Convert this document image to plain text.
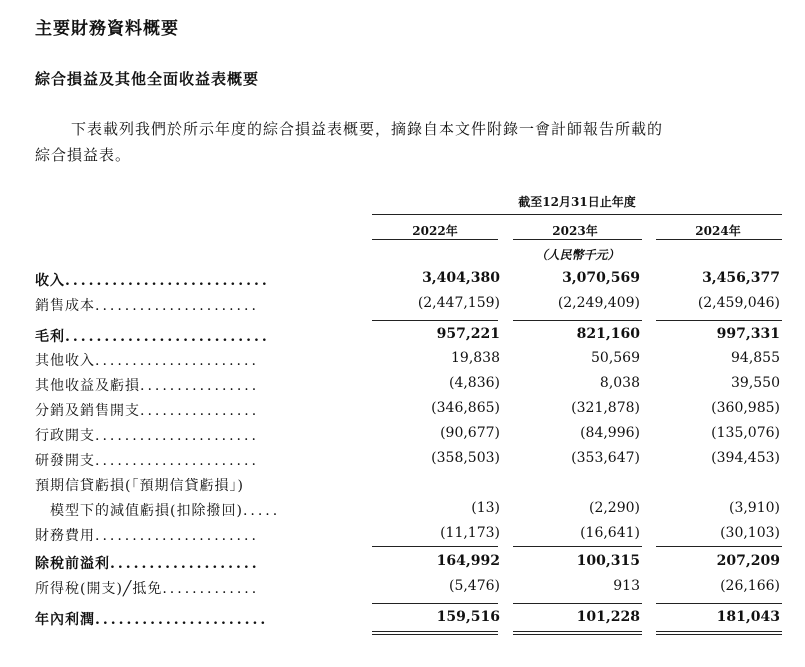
主要財務資料概要
綜合損益及其他全面收益表概要
下表載列我們於所示年度的綜合損益表概要，摘錄自本文件附錄一會計師報告所載的
綜合損益表。
截至12月31日止年度
2022年	2023年	2024年
（人民幣千元）
收入..........................	3,404,380	3,070,569	3,456,377
銷售成本......................	(2,447,159)	(2,249,409)	(2,459,046)
毛利..........................	957,221	821,160	997,331
其他收入......................	19,838	50,569	94,855
其他收益及虧損................	(4,836)	8,038	39,550
分銷及銷售開支................	(346,865)	(321,878)	(360,985)
行政開支......................	(90,677)	(84,996)	(135,076)
研發開支......................	(358,503)	(353,647)	(394,453)
預期信貸虧損(「預期信貸虧損」)
　模型下的減值虧損(扣除撥回).....	(13)	(2,290)	(3,910)
財務費用......................	(11,173)	(16,641)	(30,103)
除稅前溢利...................	164,992	100,315	207,209
所得稅(開支)╱抵免.............	(5,476)	913	(26,166)
年內利潤......................	159,516	101,228	181,043
